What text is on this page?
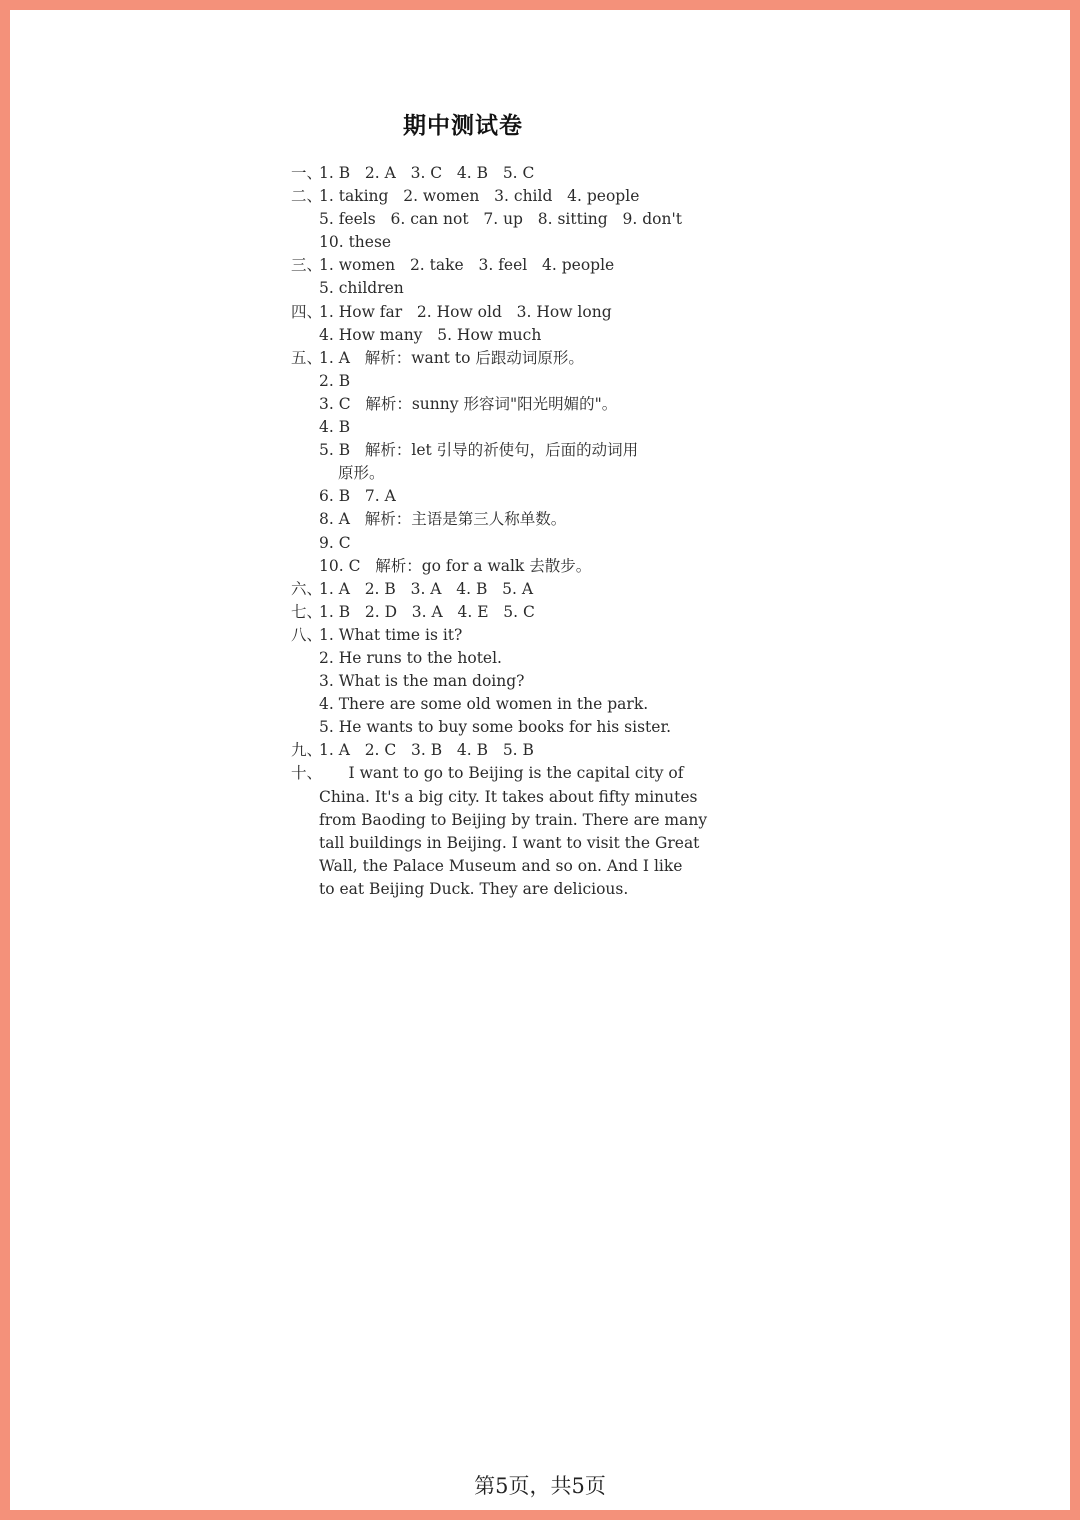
期中测试卷
一、1. B   2. A   3. C   4. B   5. C
二、1. taking   2. women   3. child   4. people
5. feels   6. can not   7. up   8. sitting   9. don't
10. these
三、1. women   2. take   3. feel   4. people
5. children
四、1. How far   2. How old   3. How long
4. How many   5. How much
五、1. A   解析：want to 后跟动词原形。
2. B
3. C   解析：sunny 形容词"阳光明媚的"。
4. B
5. B   解析：let 引导的祈使句，后面的动词用
原形。
6. B   7. A
8. A   解析：主语是第三人称单数。
9. C
10. C   解析：go for a walk 去散步。
六、1. A   2. B   3. A   4. B   5. A
七、1. B   2. D   3. A   4. E   5. C
八、1. What time is it?
2. He runs to the hotel.
3. What is the man doing?
4. There are some old women in the park.
5. He wants to buy some books for his sister.
九、1. A   2. C   3. B   4. B   5. B
十、      I want to go to Beijing is the capital city of
China. It's a big city. It takes about fifty minutes
from Baoding to Beijing by train. There are many
tall buildings in Beijing. I want to visit the Great
Wall, the Palace Museum and so on. And I like
to eat Beijing Duck. They are delicious.
第5页，共5页
